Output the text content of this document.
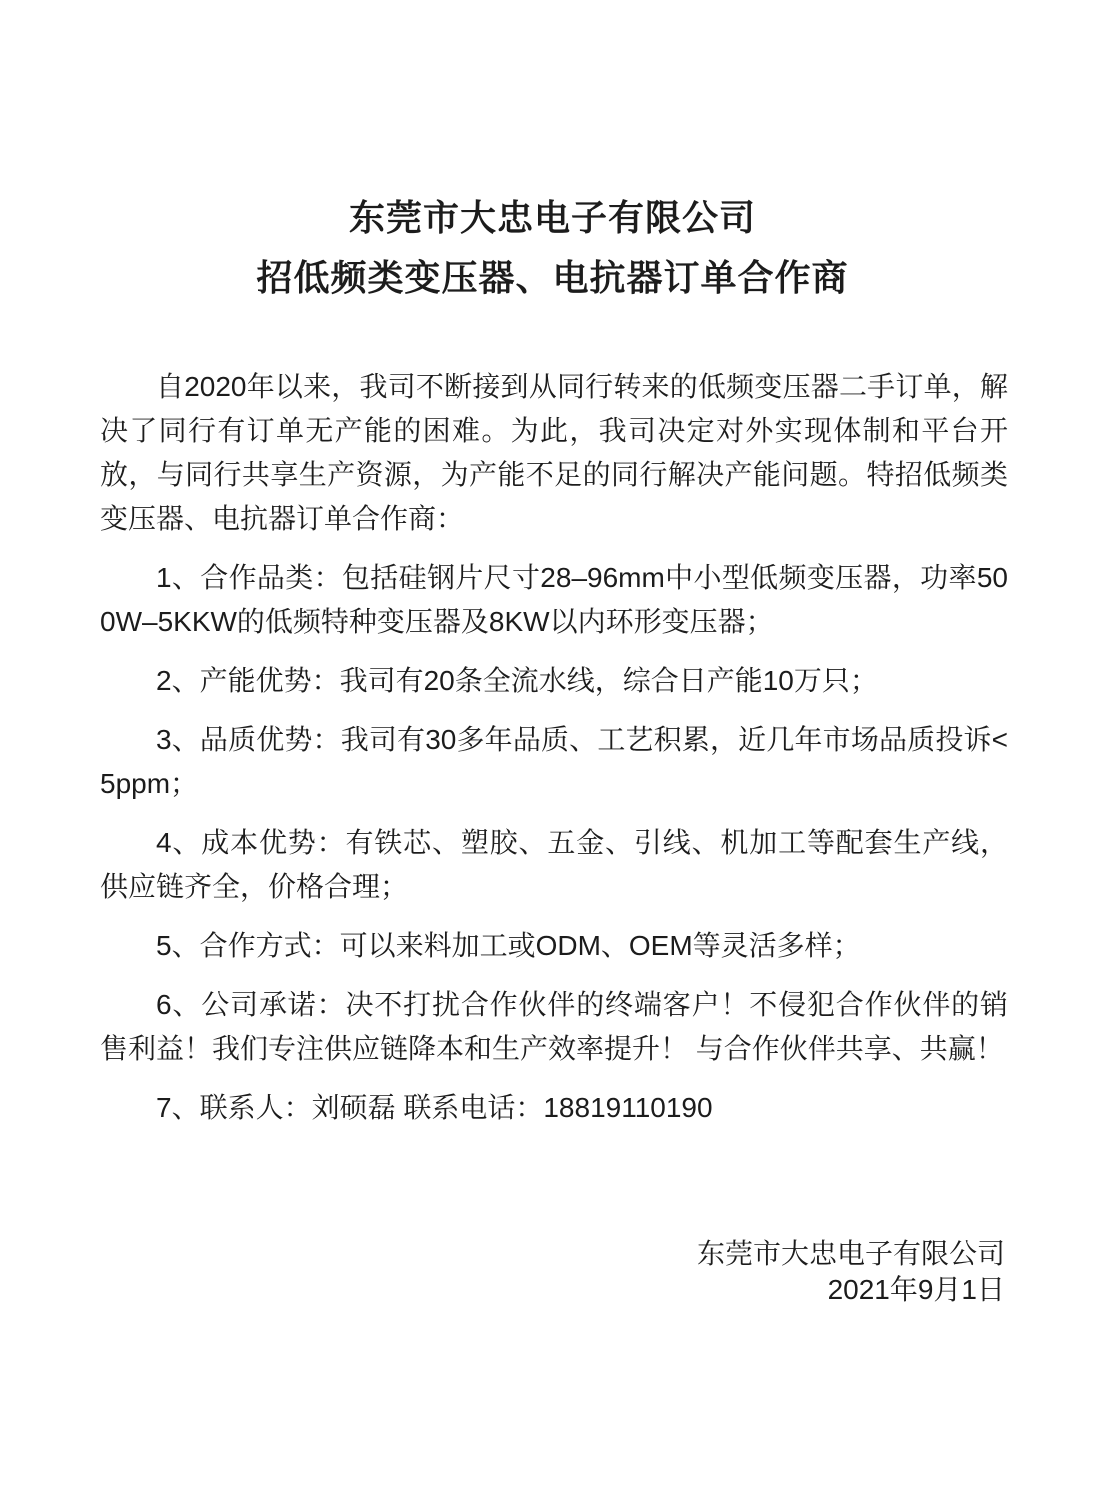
东莞市大忠电子有限公司
招低频类变压器、电抗器订单合作商

自2020年以来，我司不断接到从同行转来的低频变压器二手订单，解决了同行有订单无产能的困难。为此，我司决定对外实现体制和平台开放，与同行共享生产资源，为产能不足的同行解决产能问题。特招低频类变压器、电抗器订单合作商：

1、合作品类：包括硅钢片尺寸28–96mm中小型低频变压器，功率500W–5KKW的低频特种变压器及8KW以内环形变压器；

2、产能优势：我司有20条全流水线，综合日产能10万只；

3、品质优势：我司有30多年品质、工艺积累，近几年市场品质投诉<5ppm；

4、成本优势：有铁芯、塑胶、五金、引线、机加工等配套生产线，供应链齐全，价格合理；

5、合作方式：可以来料加工或ODM、OEM等灵活多样；

6、公司承诺：决不打扰合作伙伴的终端客户！不侵犯合作伙伴的销售利益！我们专注供应链降本和生产效率提升！ 与合作伙伴共享、共赢！

7、联系人：刘硕磊 联系电话：18819110190

东莞市大忠电子有限公司
2021年9月1日
